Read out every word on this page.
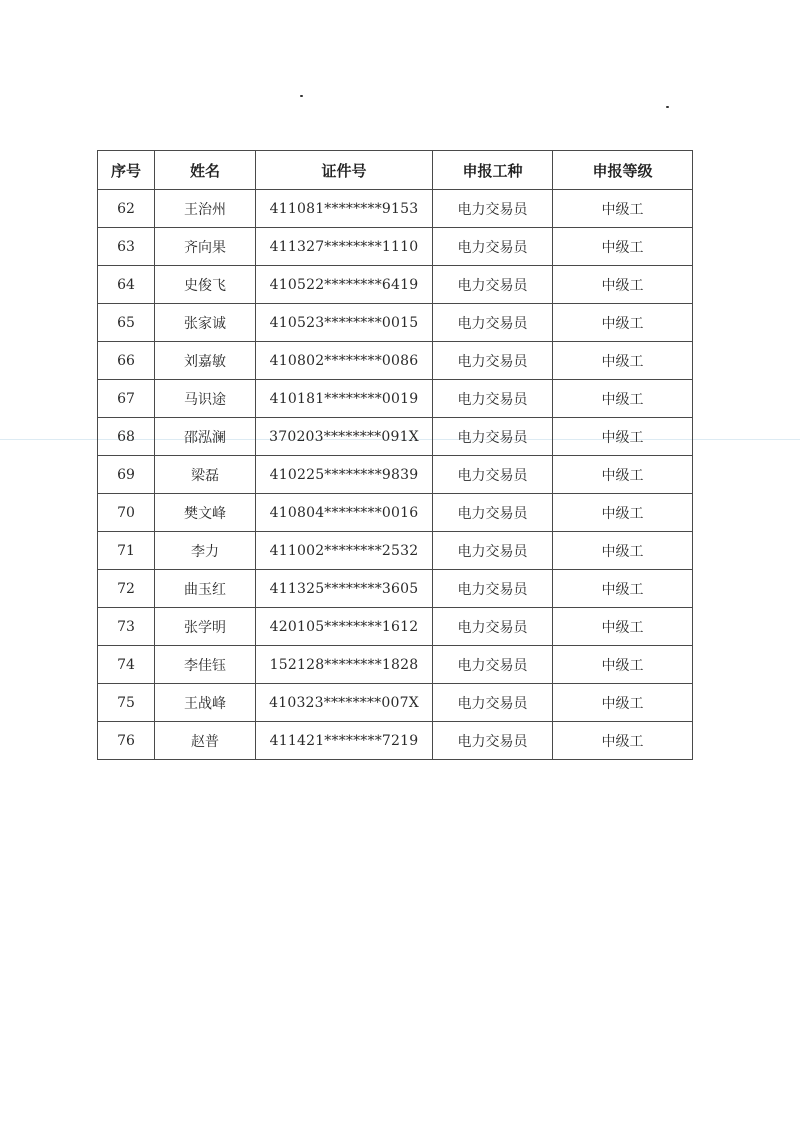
序号	姓名	证件号	申报工种	申报等级
62	王治州	411081********9153	电力交易员	中级工
63	齐向果	411327********1110	电力交易员	中级工
64	史俊飞	410522********6419	电力交易员	中级工
65	张家诚	410523********0015	电力交易员	中级工
66	刘嘉敏	410802********0086	电力交易员	中级工
67	马识途	410181********0019	电力交易员	中级工
68	邵泓澜	370203********091X	电力交易员	中级工
69	梁磊	410225********9839	电力交易员	中级工
70	樊文峰	410804********0016	电力交易员	中级工
71	李力	411002********2532	电力交易员	中级工
72	曲玉红	411325********3605	电力交易员	中级工
73	张学明	420105********1612	电力交易员	中级工
74	李佳钰	152128********1828	电力交易员	中级工
75	王战峰	410323********007X	电力交易员	中级工
76	赵普	411421********7219	电力交易员	中级工
